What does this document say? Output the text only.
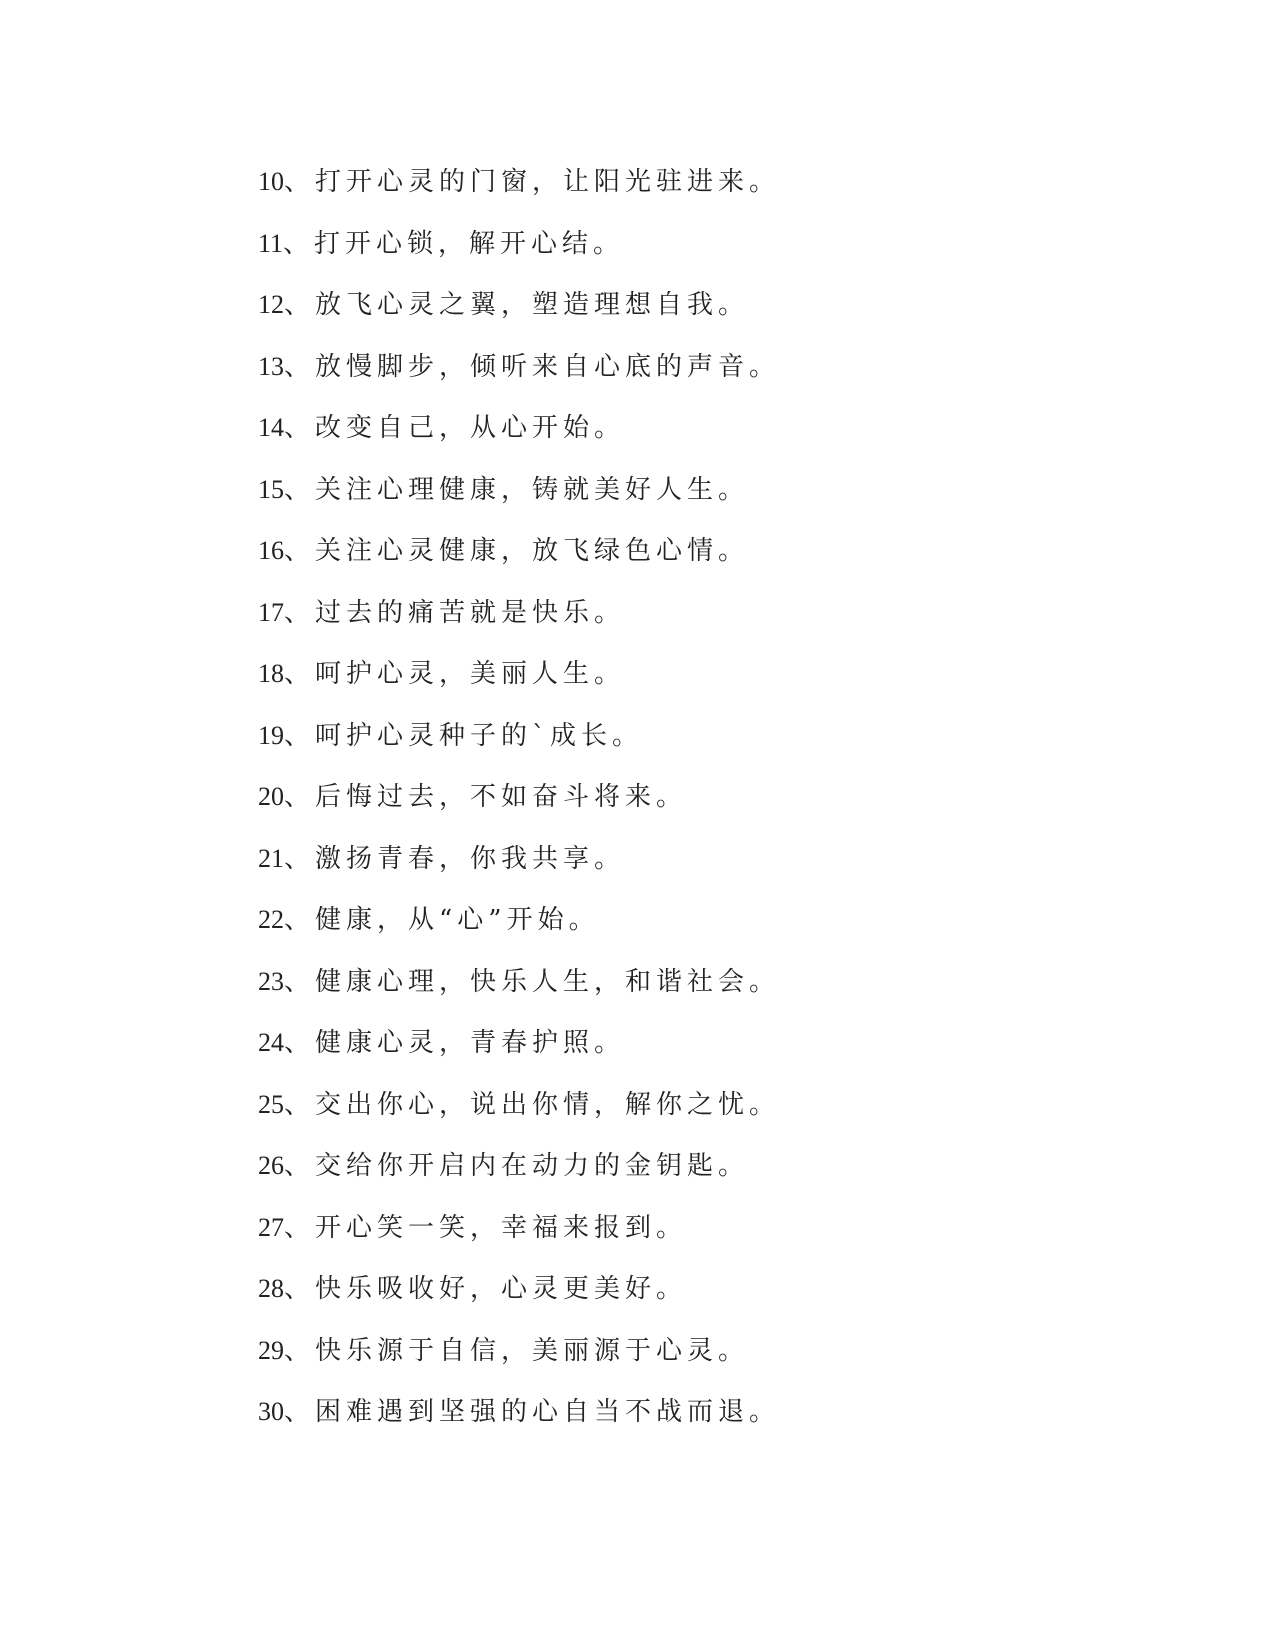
10、打开心灵的门窗，让阳光驻进来。
11、打开心锁，解开心结。
12、放飞心灵之翼，塑造理想自我。
13、放慢脚步，倾听来自心底的声音。
14、改变自己，从心开始。
15、关注心理健康，铸就美好人生。
16、关注心灵健康，放飞绿色心情。
17、过去的痛苦就是快乐。
18、呵护心灵，美丽人生。
19、呵护心灵种子的`成长。
20、后悔过去，不如奋斗将来。
21、激扬青春，你我共享。
22、健康，从“心”开始。
23、健康心理，快乐人生，和谐社会。
24、健康心灵，青春护照。
25、交出你心，说出你情，解你之忧。
26、交给你开启内在动力的金钥匙。
27、开心笑一笑，幸福来报到。
28、快乐吸收好，心灵更美好。
29、快乐源于自信，美丽源于心灵。
30、困难遇到坚强的心自当不战而退。
